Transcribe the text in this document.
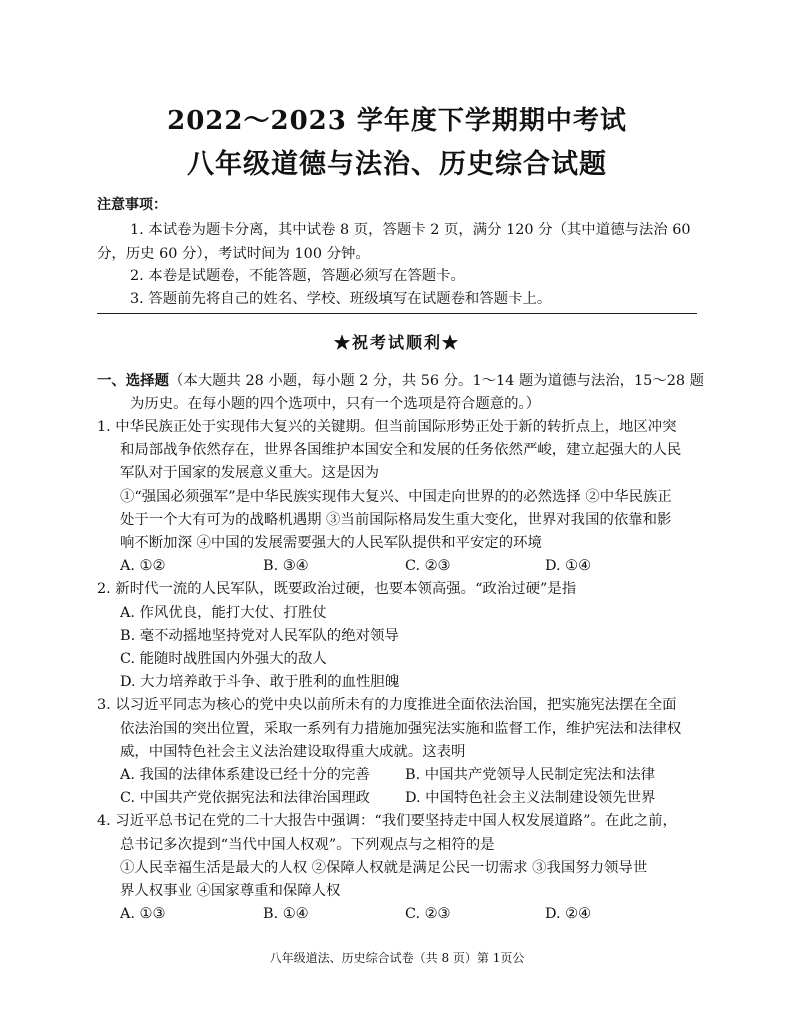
2022～2023 学年度下学期期中考试
八年级道德与法治、历史综合试题
注意事项：
1. 本试卷为题卡分离，其中试卷 8 页，答题卡 2 页，满分 120 分（其中道德与法治 60
分，历史 60 分），考试时间为 100 分钟。
2. 本卷是试题卷，不能答题，答题必须写在答题卡。
3. 答题前先将自己的姓名、学校、班级填写在试题卷和答题卡上。
★祝考试顺利★
一、选择题（本大题共 28 小题，每小题 2 分，共 56 分。1～14 题为道德与法治，15～28 题
为历史。在每小题的四个选项中，只有一个选项是符合题意的。）
1. 中华民族正处于实现伟大复兴的关键期。但当前国际形势正处于新的转折点上，地区冲突
和局部战争依然存在，世界各国维护本国安全和发展的任务依然严峻，建立起强大的人民
军队对于国家的发展意义重大。这是因为
①“强国必须强军”是中华民族实现伟大复兴、中国走向世界的的必然选择 ②中华民族正
处于一个大有可为的战略机遇期 ③当前国际格局发生重大变化，世界对我国的依靠和影
响不断加深 ④中国的发展需要强大的人民军队提供和平安定的环境
A. ①②	B. ③④	C. ②③	D. ①④
2. 新时代一流的人民军队，既要政治过硬，也要本领高强。“政治过硬”是指
A. 作风优良，能打大仗、打胜仗
B. 毫不动摇地坚持党对人民军队的绝对领导
C. 能随时战胜国内外强大的敌人
D. 大力培养敢于斗争、敢于胜利的血性胆魄
3. 以习近平同志为核心的党中央以前所未有的力度推进全面依法治国，把实施宪法摆在全面
依法治国的突出位置，采取一系列有力措施加强宪法实施和监督工作，维护宪法和法律权
威，中国特色社会主义法治建设取得重大成就。这表明
A. 我国的法律体系建设已经十分的完善 B. 中国共产党领导人民制定宪法和法律
C. 中国共产党依据宪法和法律治国理政 D. 中国特色社会主义法制建设领先世界
4. 习近平总书记在党的二十大报告中强调：“我们要坚持走中国人权发展道路”。在此之前，
总书记多次提到“当代中国人权观”。下列观点与之相符的是
①人民幸福生活是最大的人权 ②保障人权就是满足公民一切需求 ③我国努力领导世
界人权事业 ④国家尊重和保障人权
A. ①③	B. ①④	C. ②③	D. ②④
八年级道法、历史综合试卷（共 8 页）第 1页公
